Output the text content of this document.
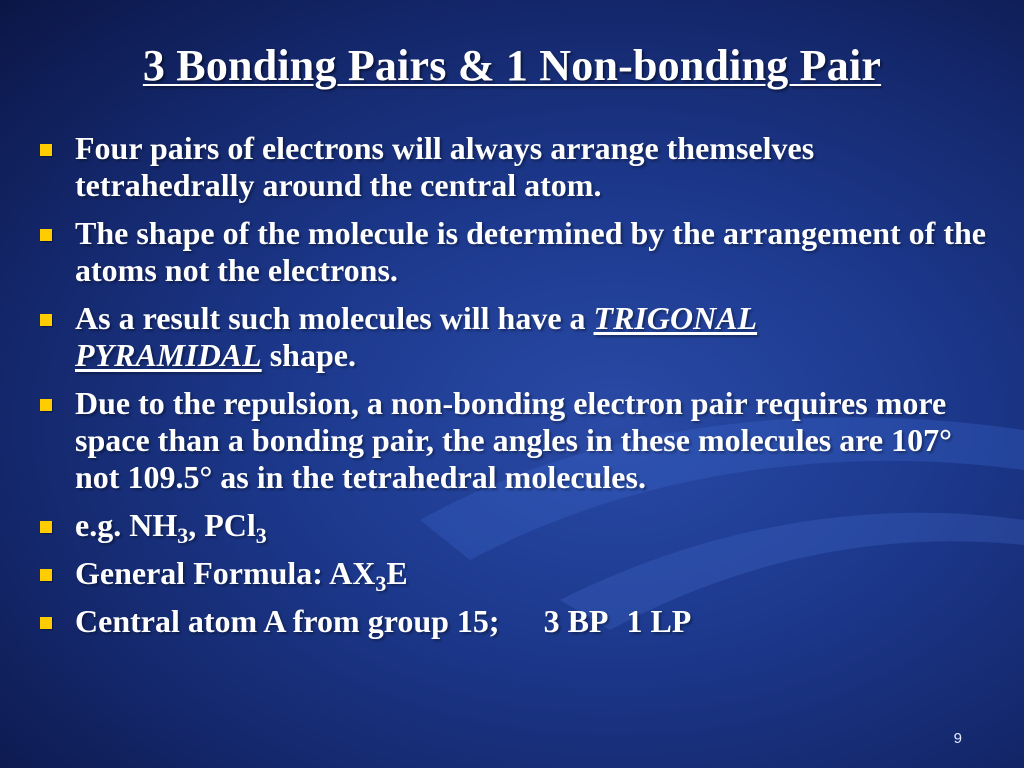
3 Bonding Pairs & 1 Non-bonding Pair
Four pairs of electrons will always arrange themselves tetrahedrally around the central atom.
The shape of the molecule is determined by the arrangement of the atoms not the electrons.
As a result such molecules will have a TRIGONAL
PYRAMIDAL shape.
Due to the repulsion, a non-bonding electron pair requires more space than a bonding pair, the angles in these molecules are 107° not 109.5° as in the tetrahedral molecules.
e.g. $NH_3$, PCl$_3$
General Formula: $AX_3E$
Central atom A from group 15; 3 BP 1 LP
9
